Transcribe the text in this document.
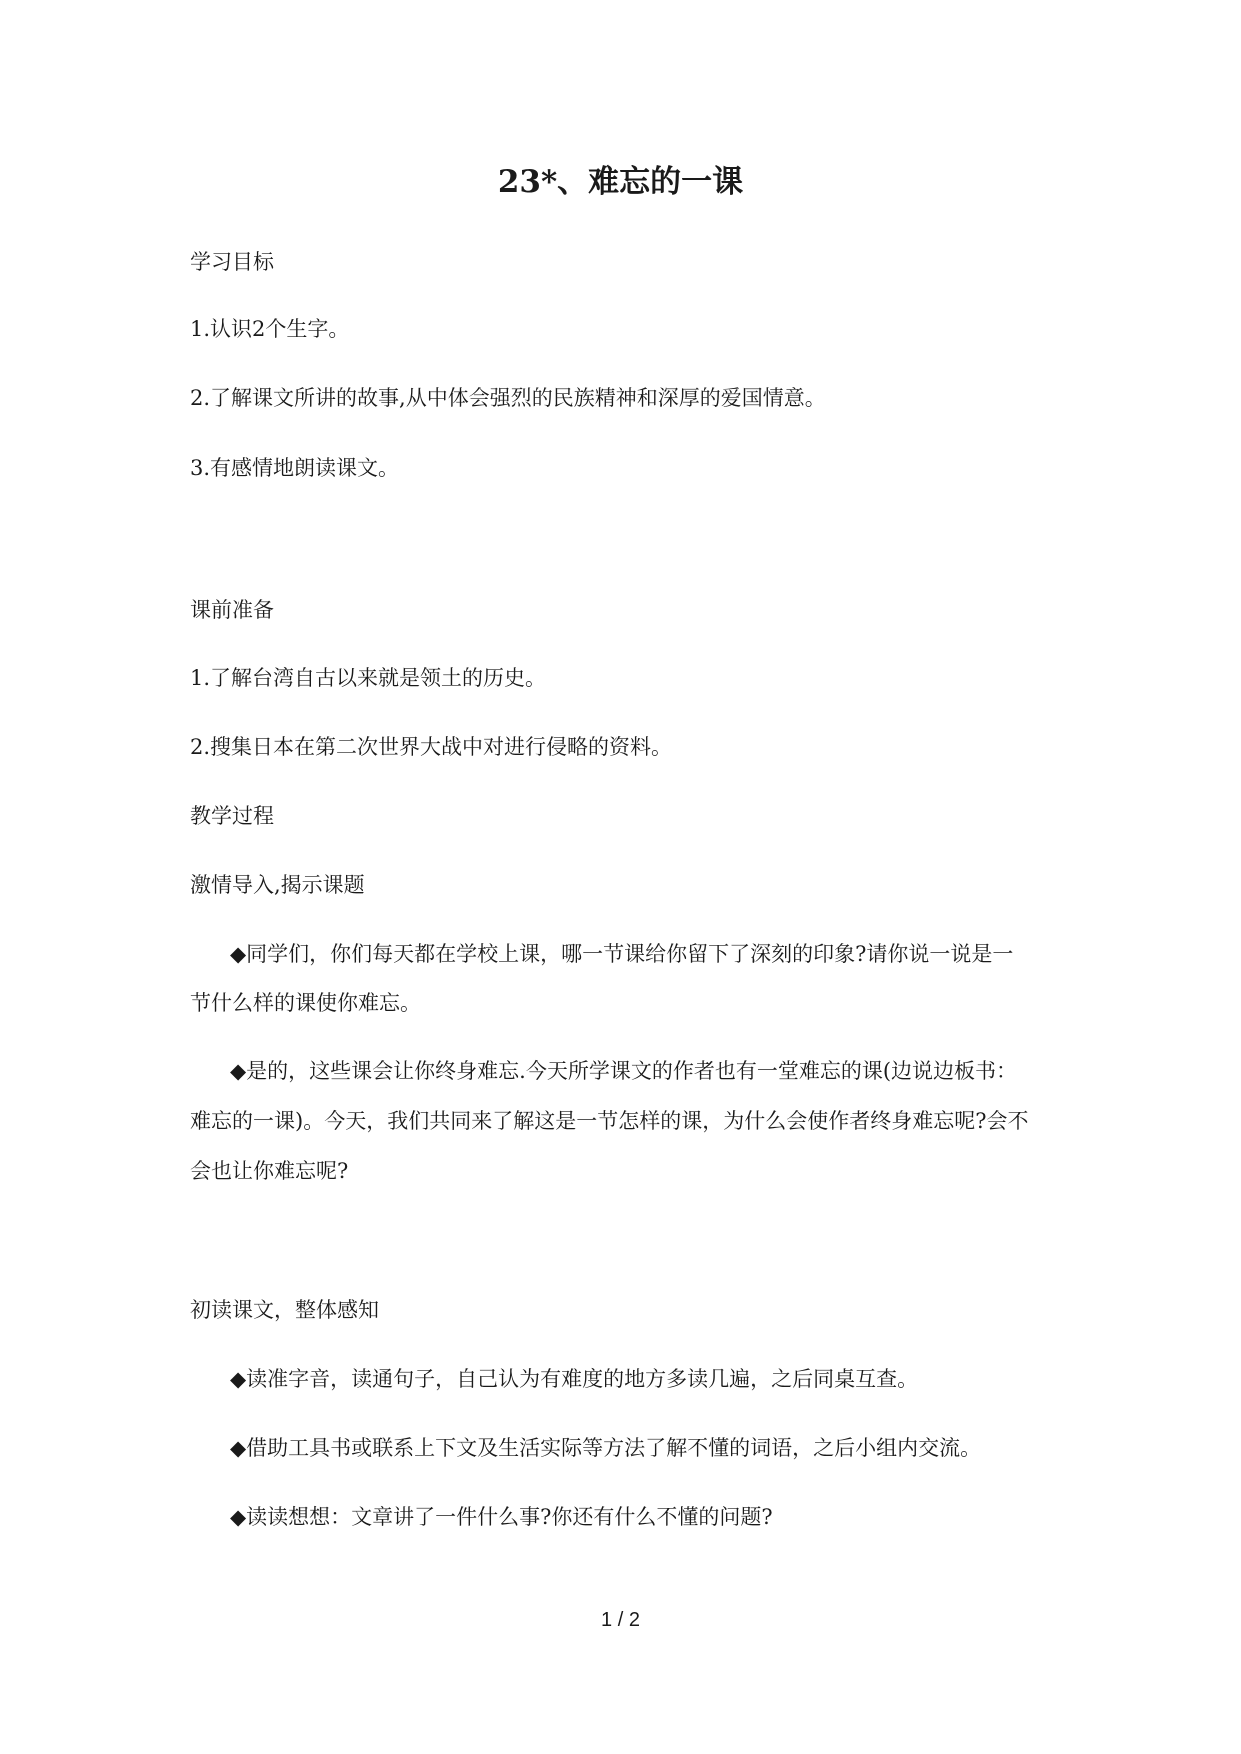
23*、难忘的一课
学习目标
1.认识2个生字。
2.了解课文所讲的故事,从中体会强烈的民族精神和深厚的爱国情意。
3.有感情地朗读课文。
课前准备
1.了解台湾自古以来就是领土的历史。
2.搜集日本在第二次世界大战中对进行侵略的资料。
教学过程
激情导入,揭示课题
◆同学们，你们每天都在学校上课，哪一节课给你留下了深刻的印象?请你说一说是一
节什么样的课使你难忘。
◆是的，这些课会让你终身难忘.今天所学课文的作者也有一堂难忘的课(边说边板书：
难忘的一课)。今天，我们共同来了解这是一节怎样的课，为什么会使作者终身难忘呢?会不
会也让你难忘呢?
初读课文，整体感知
◆读准字音，读通句子，自己认为有难度的地方多读几遍，之后同桌互查。
◆借助工具书或联系上下文及生活实际等方法了解不懂的词语，之后小组内交流。
◆读读想想：文章讲了一件什么事?你还有什么不懂的问题?
1 / 2
